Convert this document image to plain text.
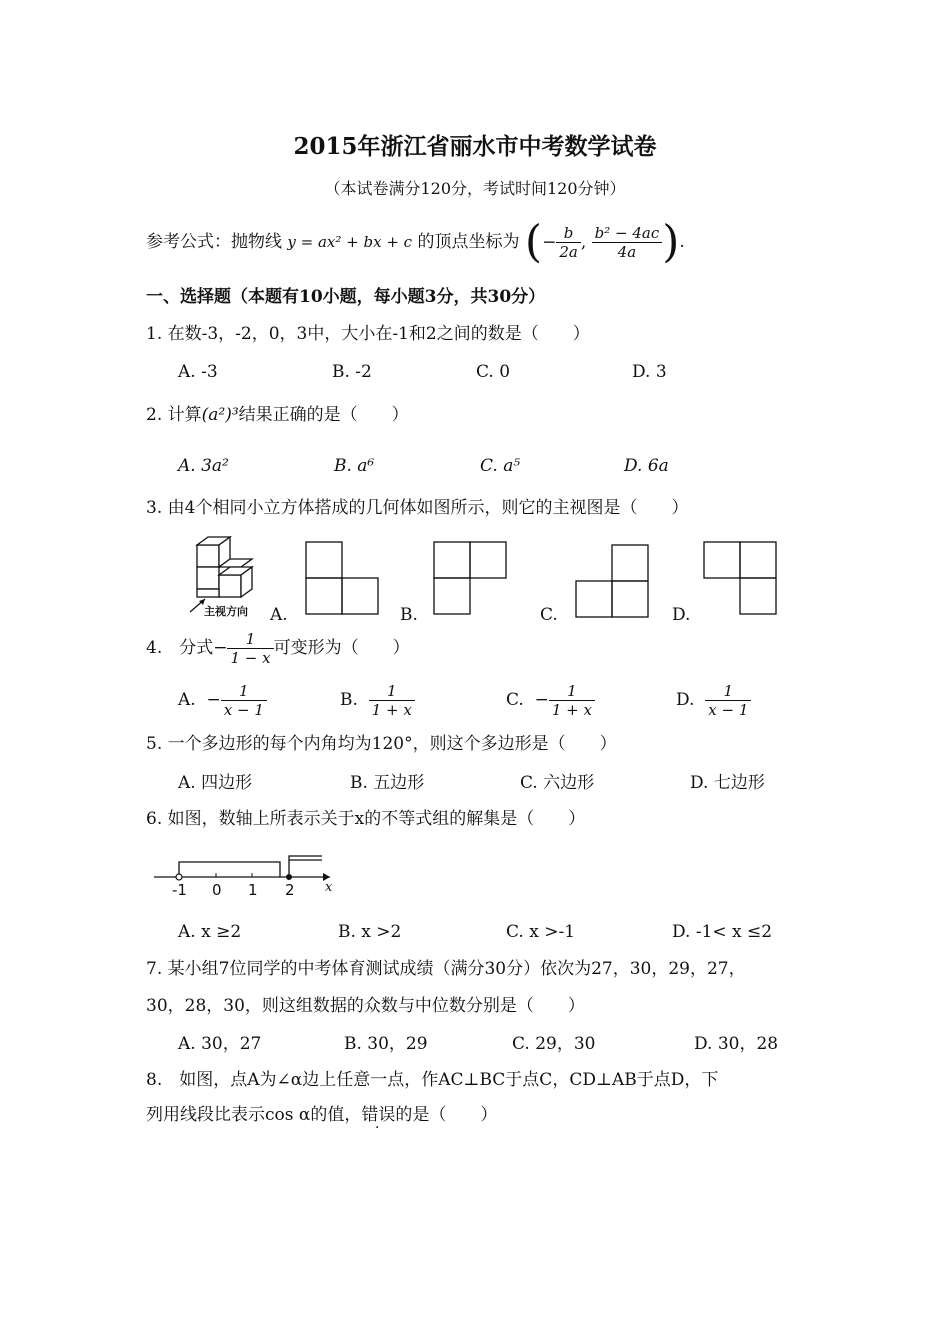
2015年浙江省丽水市中考数学试卷
（本试卷满分120分，考试时间120分钟）
参考公式：抛物线 y = ax² + bx + c 的顶点坐标为 (− $\frac{b}{2a}$ , $\frac{\text{b² − 4ac}}{4a}$ ).
一、选择题（本题有10小题，每小题3分，共30分）
1. 在数-3，-2，0，3中，大小在-1和2之间的数是（　　）
A. -3	B. -2	C. 0	D. 3
2. 计算(a²)³结果正确的是（　　）
A. 3a²	B. a⁶	C. a⁵	D. 6a
3. 由4个相同小立方体搭成的几何体如图所示，则它的主视图是（　　）
主视方向 A.	B.	C.	D.
4.　分式− $\frac{1}{1 - x}$ 可变形为（　　）
A. − $\frac{1}{x - 1}$	B. $\frac{1}{1 + x}$	C. − $\frac{1}{1 + x}$	D. $\frac{1}{x - 1}$
5. 一个多边形的每个内角均为120°，则这个多边形是（　　）
A. 四边形	B. 五边形	C. 六边形	D. 七边形
6. 如图，数轴上所表示关于x的不等式组的解集是（　　）
-1 0 1 2 x
A. x ≥2	B. x >2	C. x >-1	D. -1< x ≤2
7. 某小组7位同学的中考体育测试成绩（满分30分）依次为27，30，29，27，
30，28，30，则这组数据的众数与中位数分别是（　　）
A. 30，27	B. 30，29	C. 29，30	D. 30，28
8.　如图，点A为∠α边上任意一点，作AC⊥BC于点C，CD⊥AB于点D，下
列用线段比表示cos α的值，错误的是（　　）
